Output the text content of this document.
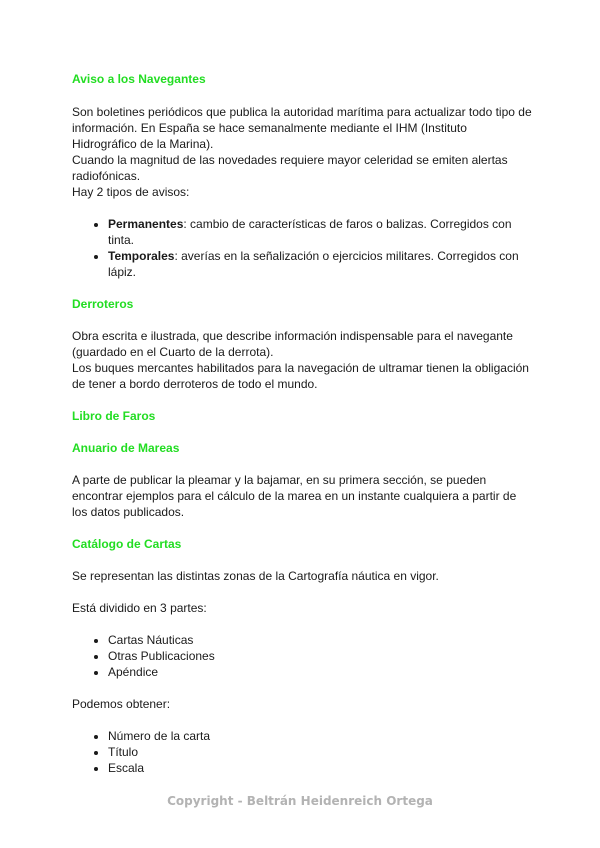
Aviso a los Navegantes

Son boletines periódicos que publica la autoridad marítima para actualizar todo tipo de información. En España se hace semanalmente mediante el IHM (Instituto Hidrográfico de la Marina).

Cuando la magnitud de las novedades requiere mayor celeridad se emiten alertas radiofónicas.

Hay 2 tipos de avisos:

• Permanentes: cambio de características de faros o balizas. Corregidos con tinta.
• Temporales: averías en la señalización o ejercicios militares. Corregidos con lápiz.
Derroteros

Obra escrita e ilustrada, que describe información indispensable para el navegante (guardado en el Cuarto de la derrota).

Los buques mercantes habilitados para la navegación de ultramar tienen la obligación de tener a bordo derroteros de todo el mundo.

Libro de Faros
Anuario de Mareas

A parte de publicar la pleamar y la bajamar, en su primera sección, se pueden encontrar ejemplos para el cálculo de la marea en un instante cualquiera a partir de los datos publicados.

Catálogo de Cartas

Se representan las distintas zonas de la Cartografía náutica en vigor.

Está dividido en 3 partes:

• Cartas Náuticas
• Otras Publicaciones
• Apéndice

Podemos obtener:

• Número de la carta
• Título
• Escala
Copyright - Beltrán Heidenreich Ortega
